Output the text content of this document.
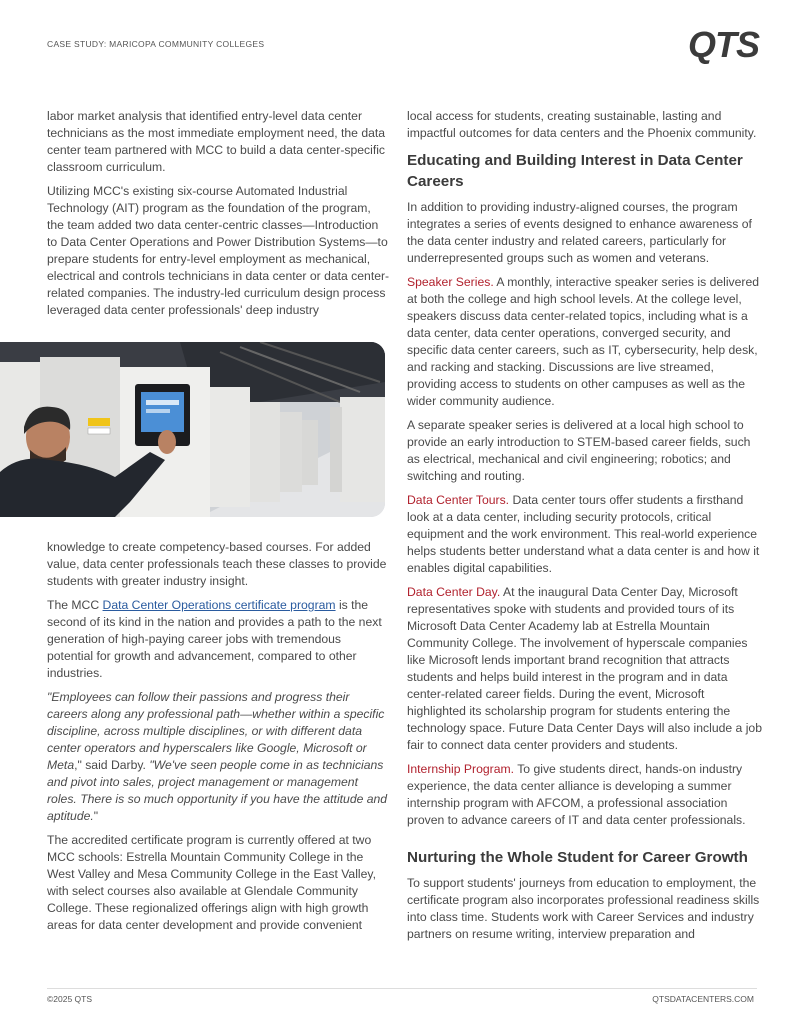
CASE STUDY: MARICOPA COMMUNITY COLLEGES	QTS

labor market analysis that identified entry-level data center technicians as the most immediate employment need, the data center team partnered with MCC to build a data center-specific classroom curriculum.

Utilizing MCC's existing six-course Automated Industrial Technology (AIT) program as the foundation of the program, the team added two data center-centric classes—Introduction to Data Center Operations and Power Distribution Systems—to prepare students for entry-level employment as mechanical, electrical and controls technicians in data center or data center-related companies. The industry-led curriculum design process leveraged data center professionals' deep industry

knowledge to create competency-based courses. For added value, data center professionals teach these classes to provide students with greater industry insight.

The MCC Data Center Operations certificate program is the second of its kind in the nation and provides a path to the next generation of high-paying career jobs with tremendous potential for growth and advancement, compared to other industries.

"Employees can follow their passions and progress their careers along any professional path—whether within a specific discipline, across multiple disciplines, or with different data center operators and hyperscalers like Google, Microsoft or Meta," said Darby. "We've seen people come in as technicians and pivot into sales, project management or management roles. There is so much opportunity if you have the attitude and aptitude."

The accredited certificate program is currently offered at two MCC schools: Estrella Mountain Community College in the West Valley and Mesa Community College in the East Valley, with select courses also available at Glendale Community College. These regionalized offerings align with high growth areas for data center development and provide convenient

local access for students, creating sustainable, lasting and impactful outcomes for data centers and the Phoenix community.

Educating and Building Interest in Data Center Careers

In addition to providing industry-aligned courses, the program integrates a series of events designed to enhance awareness of the data center industry and related careers, particularly for underrepresented groups such as women and veterans.

Speaker Series. A monthly, interactive speaker series is delivered at both the college and high school levels. At the college level, speakers discuss data center-related topics, including what is a data center, data center operations, converged security, and specific data center careers, such as IT, cybersecurity, help desk, and racking and stacking. Discussions are live streamed, providing access to students on other campuses as well as the wider community audience.

A separate speaker series is delivered at a local high school to provide an early introduction to STEM-based career fields, such as electrical, mechanical and civil engineering; robotics; and switching and routing.

Data Center Tours. Data center tours offer students a firsthand look at a data center, including security protocols, critical equipment and the work environment. This real-world experience helps students better understand what a data center is and how it enables digital capabilities.

Data Center Day. At the inaugural Data Center Day, Microsoft representatives spoke with students and provided tours of its Microsoft Data Center Academy lab at Estrella Mountain Community College. The involvement of hyperscale companies like Microsoft lends important brand recognition that attracts students and helps build interest in the program and in data center-related career fields. During the event, Microsoft highlighted its scholarship program for students entering the technology space. Future Data Center Days will also include a job fair to connect data center providers and students.

Internship Program. To give students direct, hands-on industry experience, the data center alliance is developing a summer internship program with AFCOM, a professional association proven to advance careers of IT and data center professionals.

Nurturing the Whole Student for Career Growth

To support students' journeys from education to employment, the certificate program also incorporates professional readiness skills into class time. Students work with Career Services and industry partners on resume writing, interview preparation and

©2025 QTS	QTSDATACENTERS.COM
